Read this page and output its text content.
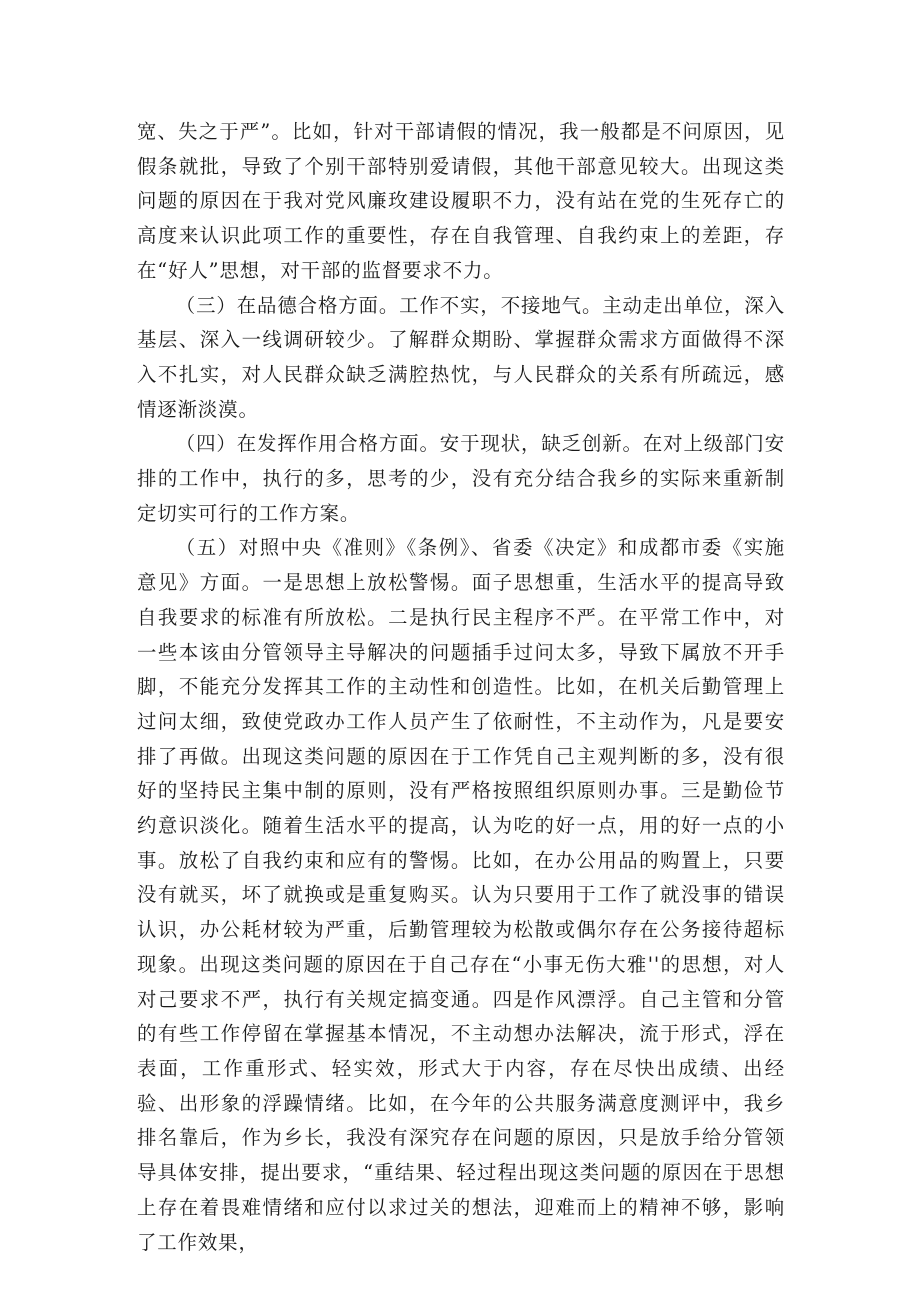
宽、失之于严”。比如，针对干部请假的情况，我一般都是不问原因，见假条就批，导致了个别干部特别爱请假，其他干部意见较大。出现这类问题的原因在于我对党风廉玫建设履职不力，没有站在党的生死存亡的高度来认识此项工作的重要性，存在自我管理、自我约束上的差距，存在“好人”思想，对干部的监督要求不力。

（三）在品德合格方面。工作不实，不接地气。主动走出单位，深入基层、深入一线调研较少。了解群众期盼、掌握群众需求方面做得不深入不扎实，对人民群众缺乏满腔热忱，与人民群众的关系有所疏远，感情逐渐淡漠。

（四）在发挥作用合格方面。安于现状，缺乏创新。在对上级部门安排的工作中，执行的多，思考的少，没有充分结合我乡的实际来重新制定切实可行的工作方案。

（五）对照中央《准则》《条例》、省委《决定》和成都市委《实施意见》方面。一是思想上放松警惕。面子思想重，生活水平的提高导致自我要求的标准有所放松。二是执行民主程序不严。在平常工作中，对一些本该由分管领导主导解决的问题插手过问太多，导致下属放不开手脚，不能充分发挥其工作的主动性和创造性。比如，在机关后勤管理上过问太细，致使党政办工作人员产生了依耐性，不主动作为，凡是要安排了再做。出现这类问题的原因在于工作凭自己主观判断的多，没有很好的坚持民主集中制的原则，没有严格按照组织原则办事。三是勤俭节约意识淡化。随着生活水平的提高，认为吃的好一点，用的好一点的小事。放松了自我约束和应有的警惕。比如，在办公用品的购置上，只要没有就买，坏了就换或是重复购买。认为只要用于工作了就没事的错误认识，办公耗材较为严重，后勤管理较为松散或偶尔存在公务接待超标现象。出现这类问题的原因在于自己存在“小事无伤大雅''的思想，对人对己要求不严，执行有关规定搞变通。四是作风漂浮。自己主管和分管的有些工作停留在掌握基本情况，不主动想办法解决，流于形式，浮在表面，工作重形式、轻实效，形式大于内容，存在尽快出成绩、出经验、出形象的浮躁情绪。比如，在今年的公共服务满意度测评中，我乡排名靠后，作为乡长，我没有深究存在问题的原因，只是放手给分管领导具体安排，提出要求，“重结果、轻过程出现这类问题的原因在于思想上存在着畏难情绪和应付以求过关的想法，迎难而上的精神不够，影响了工作效果，
